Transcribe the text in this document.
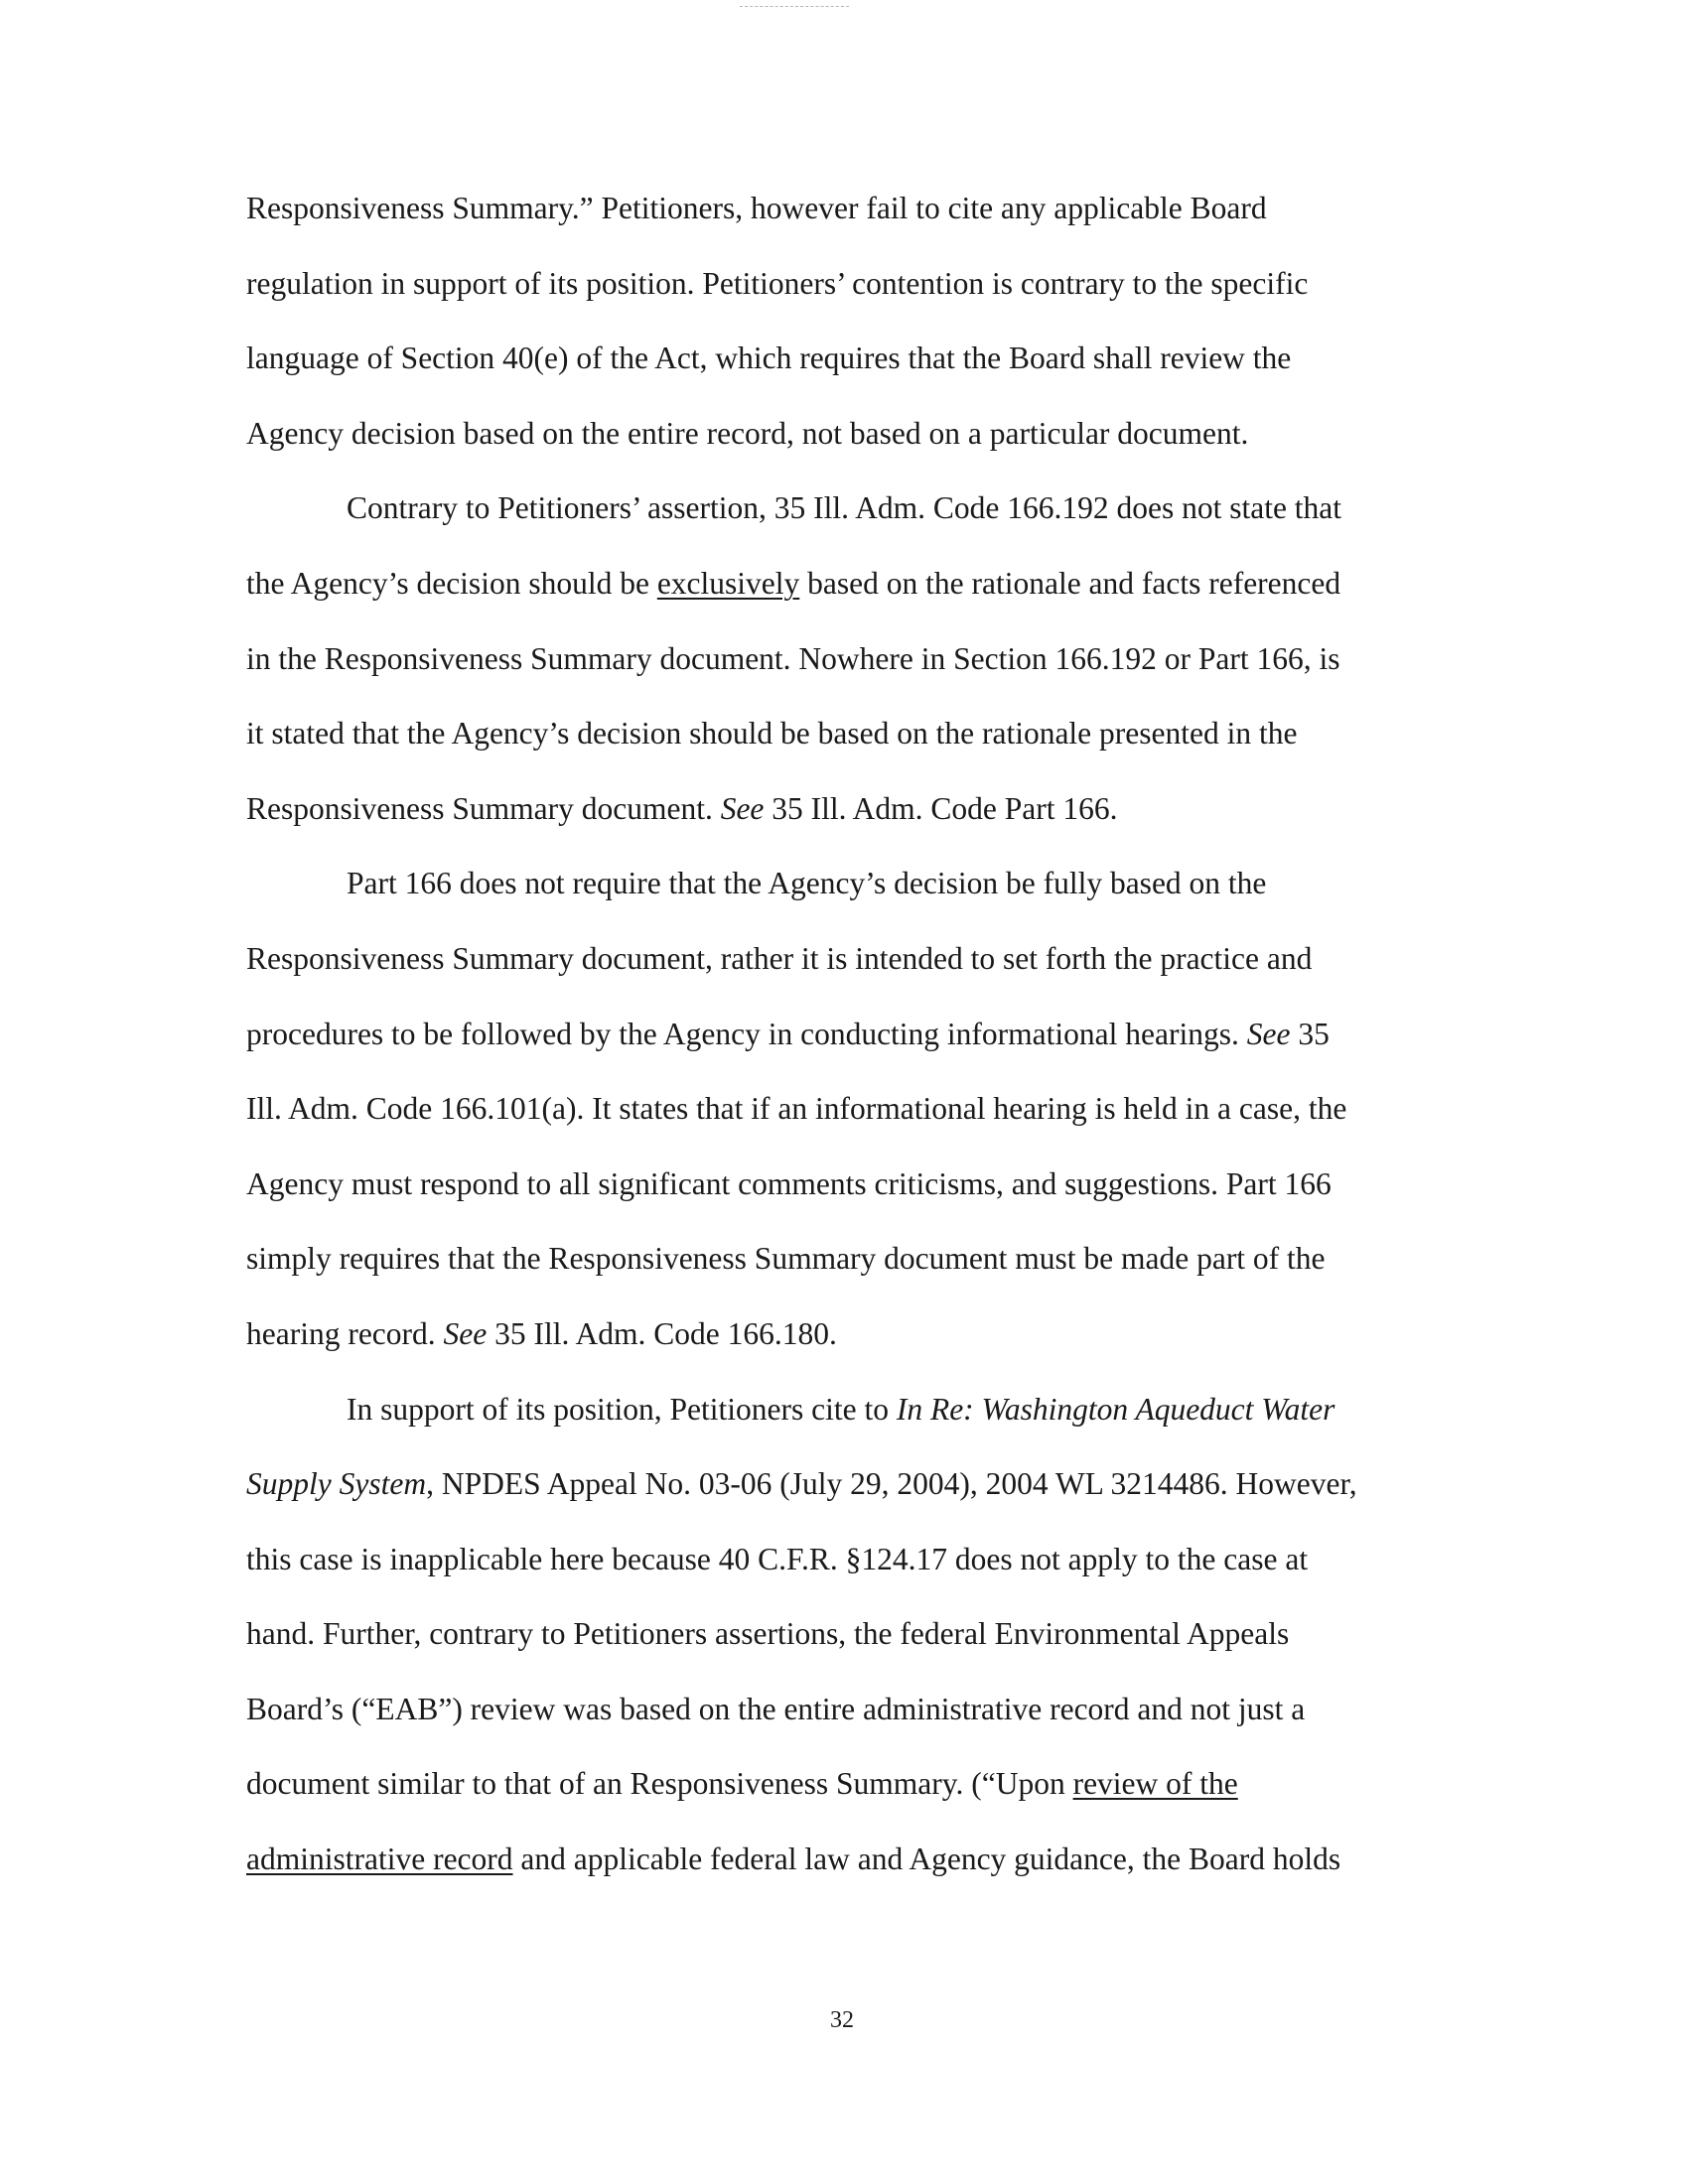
Responsiveness Summary.” Petitioners, however fail to cite any applicable Board
regulation in support of its position. Petitioners’ contention is contrary to the specific
language of Section 40(e) of the Act, which requires that the Board shall review the
Agency decision based on the entire record, not based on a particular document.
Contrary to Petitioners’ assertion, 35 Ill. Adm. Code 166.192 does not state that
the Agency’s decision should be exclusively based on the rationale and facts referenced
in the Responsiveness Summary document. Nowhere in Section 166.192 or Part 166, is
it stated that the Agency’s decision should be based on the rationale presented in the
Responsiveness Summary document. See 35 Ill. Adm. Code Part 166.
Part 166 does not require that the Agency’s decision be fully based on the
Responsiveness Summary document, rather it is intended to set forth the practice and
procedures to be followed by the Agency in conducting informational hearings. See 35
Ill. Adm. Code 166.101(a). It states that if an informational hearing is held in a case, the
Agency must respond to all significant comments criticisms, and suggestions. Part 166
simply requires that the Responsiveness Summary document must be made part of the
hearing record. See 35 Ill. Adm. Code 166.180.
In support of its position, Petitioners cite to In Re: Washington Aqueduct Water
Supply System, NPDES Appeal No. 03-06 (July 29, 2004), 2004 WL 3214486. However,
this case is inapplicable here because 40 C.F.R. §124.17 does not apply to the case at
hand. Further, contrary to Petitioners assertions, the federal Environmental Appeals
Board’s (“EAB”) review was based on the entire administrative record and not just a
document similar to that of an Responsiveness Summary. (“Upon review of the
administrative record and applicable federal law and Agency guidance, the Board holds
32
